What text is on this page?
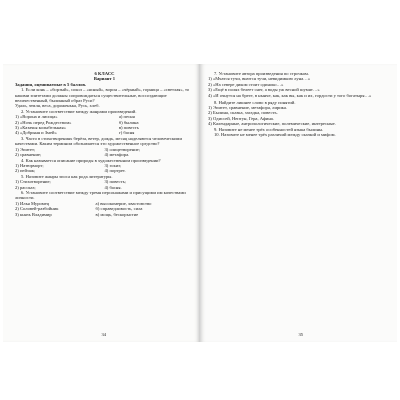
6 КЛАСС

Вариант 1

Задания, оцениваемые в 5 баллов.

1. Если конь – «борзый», сокол – «ясный», ворон – «чёрный», горница – «светлая», то какими эпитетами должны сопровождаться существительные, воссоздающие величественный, былинный образ Руси?

Удаль, земля, веса, дороженька, Русь, хлеб.

2. Установите соответствие между жанрами произведений.

1) «Ворона и лисица»	а) песня
2) «Ночь перед Рождеством»	б) былина
3) «Казачья колыбельная»	в) повесть
4) «Добрыня и Змей»	г) басня

3. Часто в стихотворениях берёза, ветер, дождь, месяц наделяются человеческими качествами. Каким термином обозначается это художественное средство?

1) Эпитет;	3) олицетворение;
2) сравнение;	4) метафора.

4. Как называется описание природы в художественном произведении?

1) Натюрморт;	3) эскиз;
2) пейзаж;	4) портрет.

5. Назовите жанры эпоса как рода литературы.

1) Стихотворение;	3) повесть;
2) рассказ;	4) басня.

6. Установите соответствие между тремя персонажами и присущими им качествами личности.

1) Илья Муромец	а) высокомерие, хвастовство
2) Соловей-разбойник	б) справедливость, сила
3) князь Владимир	в) мощь, бескорыстие
34

7. Установите автора произведения по строчкам.

1) «Мчатся тучи, вьются тучи, невидимкою луна…»

2) «На севере диком стоит одиноко…»

3) «Ещё в полях белеет снег, а воды уж весной шумят…»

4) «И очнутся на бреге, в нынче, как, как вы, как и их, гордости у того богатыря…»

8. Найдите лишнее слово в ряду понятий.

1) Эпитет, сравнение, метафора, лирика.

2) Былина, сказка, загадка, повесть.

3) Одиссей, Нептун, Гера, Афина.

4) Календарные, антропологические, полемические, интересные.

9. Назовите не менее трёх особенностей языка былины.

10. Назовите не менее трёх различий между сказкой и мифом.

35
